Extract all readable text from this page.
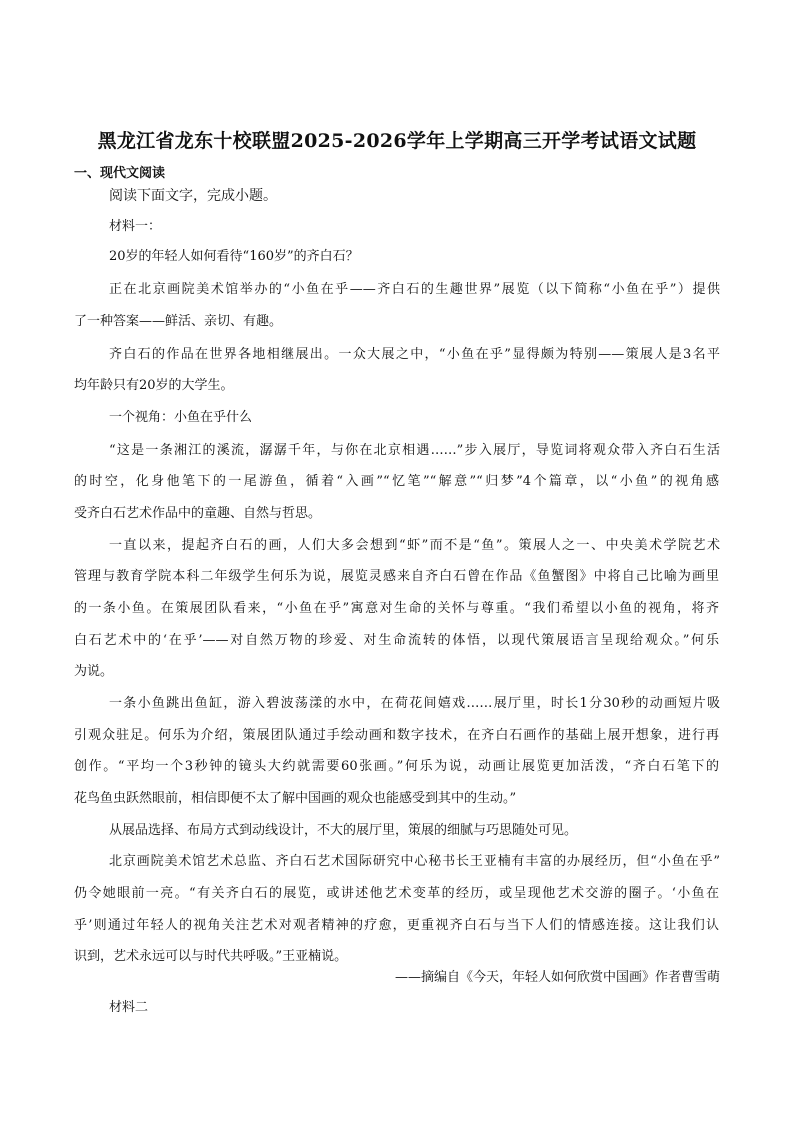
黑龙江省龙东十校联盟2025-2026学年上学期高三开学考试语文试题
一、现代文阅读
阅读下面文字，完成小题。
材料一：
20岁的年轻人如何看待“160岁”的齐白石？
正在北京画院美术馆举办的“小鱼在乎——齐白石的生趣世界”展览（以下简称“小鱼在乎”）提供
了一种答案——鲜活、亲切、有趣。
齐白石的作品在世界各地相继展出。一众大展之中，“小鱼在乎”显得颇为特别——策展人是3名平
均年龄只有20岁的大学生。
一个视角：小鱼在乎什么
“这是一条湘江的溪流，潺潺千年，与你在北京相遇……”步入展厅，导览词将观众带入齐白石生活
的时空，化身他笔下的一尾游鱼，循着“入画”“忆笔”“解意”“归梦”4个篇章，以“小鱼”的视角感
受齐白石艺术作品中的童趣、自然与哲思。
一直以来，提起齐白石的画，人们大多会想到“虾”而不是“鱼”。策展人之一、中央美术学院艺术
管理与教育学院本科二年级学生何乐为说，展览灵感来自齐白石曾在作品《鱼蟹图》中将自己比喻为画里
的一条小鱼。在策展团队看来，“小鱼在乎”寓意对生命的关怀与尊重。“我们希望以小鱼的视角，将齐
白石艺术中的‘在乎’——对自然万物的珍爱、对生命流转的体悟，以现代策展语言呈现给观众。”何乐
为说。
一条小鱼跳出鱼缸，游入碧波荡漾的水中，在荷花间嬉戏……展厅里，时长1分30秒的动画短片吸
引观众驻足。何乐为介绍，策展团队通过手绘动画和数字技术，在齐白石画作的基础上展开想象，进行再
创作。“平均一个3秒钟的镜头大约就需要60张画。”何乐为说，动画让展览更加活泼，“齐白石笔下的
花鸟鱼虫跃然眼前，相信即便不太了解中国画的观众也能感受到其中的生动。”
从展品选择、布局方式到动线设计，不大的展厅里，策展的细腻与巧思随处可见。
北京画院美术馆艺术总监、齐白石艺术国际研究中心秘书长王亚楠有丰富的办展经历，但“小鱼在乎”
仍令她眼前一亮。“有关齐白石的展览，或讲述他艺术变革的经历，或呈现他艺术交游的圈子。‘小鱼在
乎’则通过年轻人的视角关注艺术对观者精神的疗愈，更重视齐白石与当下人们的情感连接。这让我们认
识到，艺术永远可以与时代共呼吸。”王亚楠说。
——摘编自《今天，年轻人如何欣赏中国画》作者曹雪萌
材料二
